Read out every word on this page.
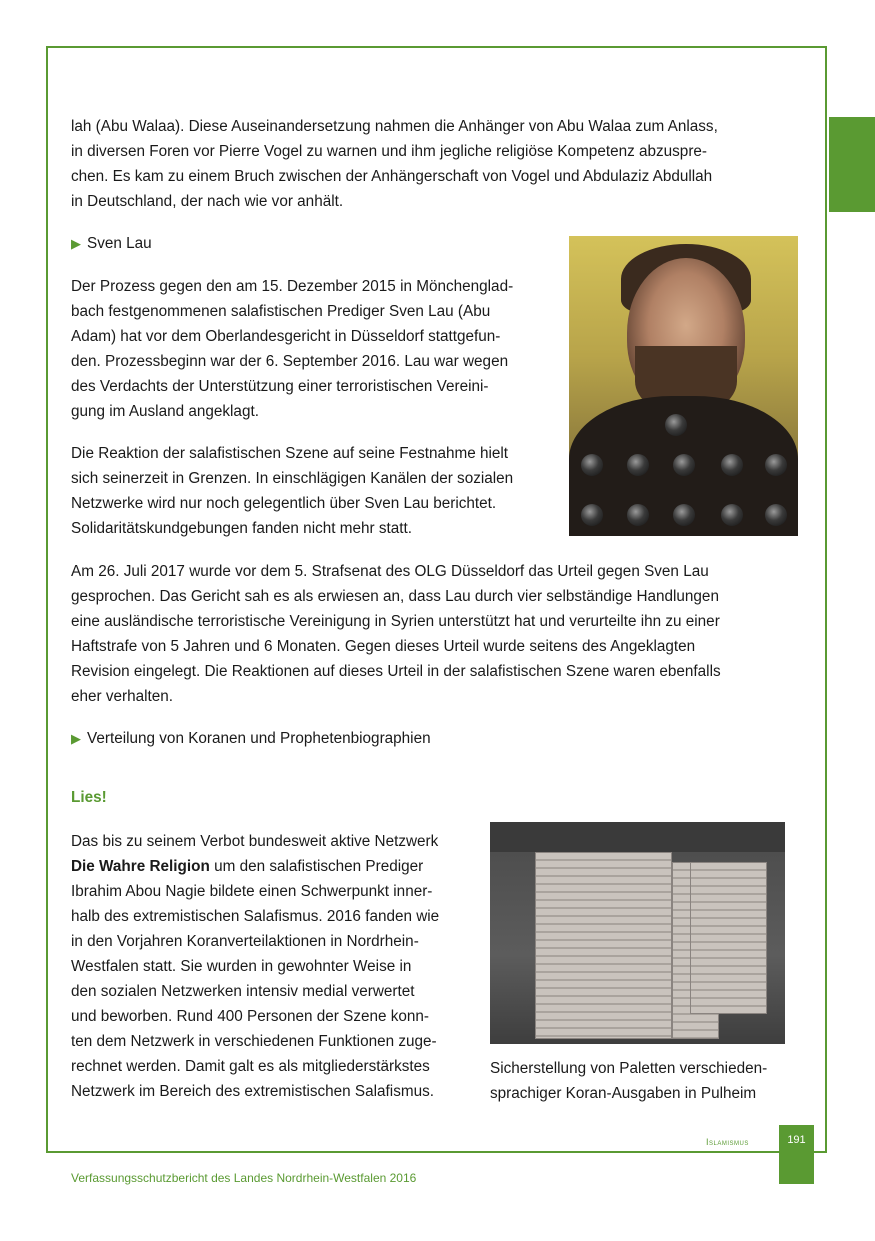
lah (Abu Walaa). Diese Auseinandersetzung nahmen die Anhänger von Abu Walaa zum Anlass,

in diversen Foren vor Pierre Vogel zu warnen und ihm jegliche religiöse Kompetenz abzuspre-

chen. Es kam zu einem Bruch zwischen der Anhängerschaft von Vogel und Abdulaziz Abdullah

in Deutschland, der nach wie vor anhält.

▶ Sven Lau

Der Prozess gegen den am 15. Dezember 2015 in Mönchenglad-

bach festgenommenen salafistischen Prediger Sven Lau (Abu

Adam) hat vor dem Oberlandesgericht in Düsseldorf stattgefun-

den. Prozessbeginn war der 6. September 2016. Lau war wegen

des Verdachts der Unterstützung einer terroristischen Vereini-

gung im Ausland angeklagt.

Die Reaktion der salafistischen Szene auf seine Festnahme hielt

sich seinerzeit in Grenzen. In einschlägigen Kanälen der sozialen

Netzwerke wird nur noch gelegentlich über Sven Lau berichtet.

Solidaritätskundgebungen fanden nicht mehr statt.

Am 26. Juli 2017 wurde vor dem 5. Strafsenat des OLG Düsseldorf das Urteil gegen Sven Lau

gesprochen. Das Gericht sah es als erwiesen an, dass Lau durch vier selbständige Handlungen

eine ausländische terroristische Vereinigung in Syrien unterstützt hat und verurteilte ihn zu einer

Haftstrafe von 5 Jahren und 6 Monaten. Gegen dieses Urteil wurde seitens des Angeklagten

Revision eingelegt. Die Reaktionen auf dieses Urteil in der salafistischen Szene waren ebenfalls

eher verhalten.

▶ Verteilung von Koranen und Prophetenbiographien
Lies!

Das bis zu seinem Verbot bundesweit aktive Netzwerk

Die Wahre Religion um den salafistischen Prediger

Ibrahim Abou Nagie bildete einen Schwerpunkt inner-

halb des extremistischen Salafismus. 2016 fanden wie

in den Vorjahren Koranverteilaktionen in Nordrhein-

Westfalen statt. Sie wurden in gewohnter Weise in

den sozialen Netzwerken intensiv medial verwertet

und beworben. Rund 400 Personen der Szene konn-

ten dem Netzwerk in verschiedenen Funktionen zuge-

rechnet werden. Damit galt es als mitgliederstärkstes

Netzwerk im Bereich des extremistischen Salafismus.

Sicherstellung von Paletten verschieden-
sprachiger Koran-Ausgaben in Pulheim
Islamismus	191
Verfassungsschutzbericht des Landes Nordrhein-Westfalen 2016
